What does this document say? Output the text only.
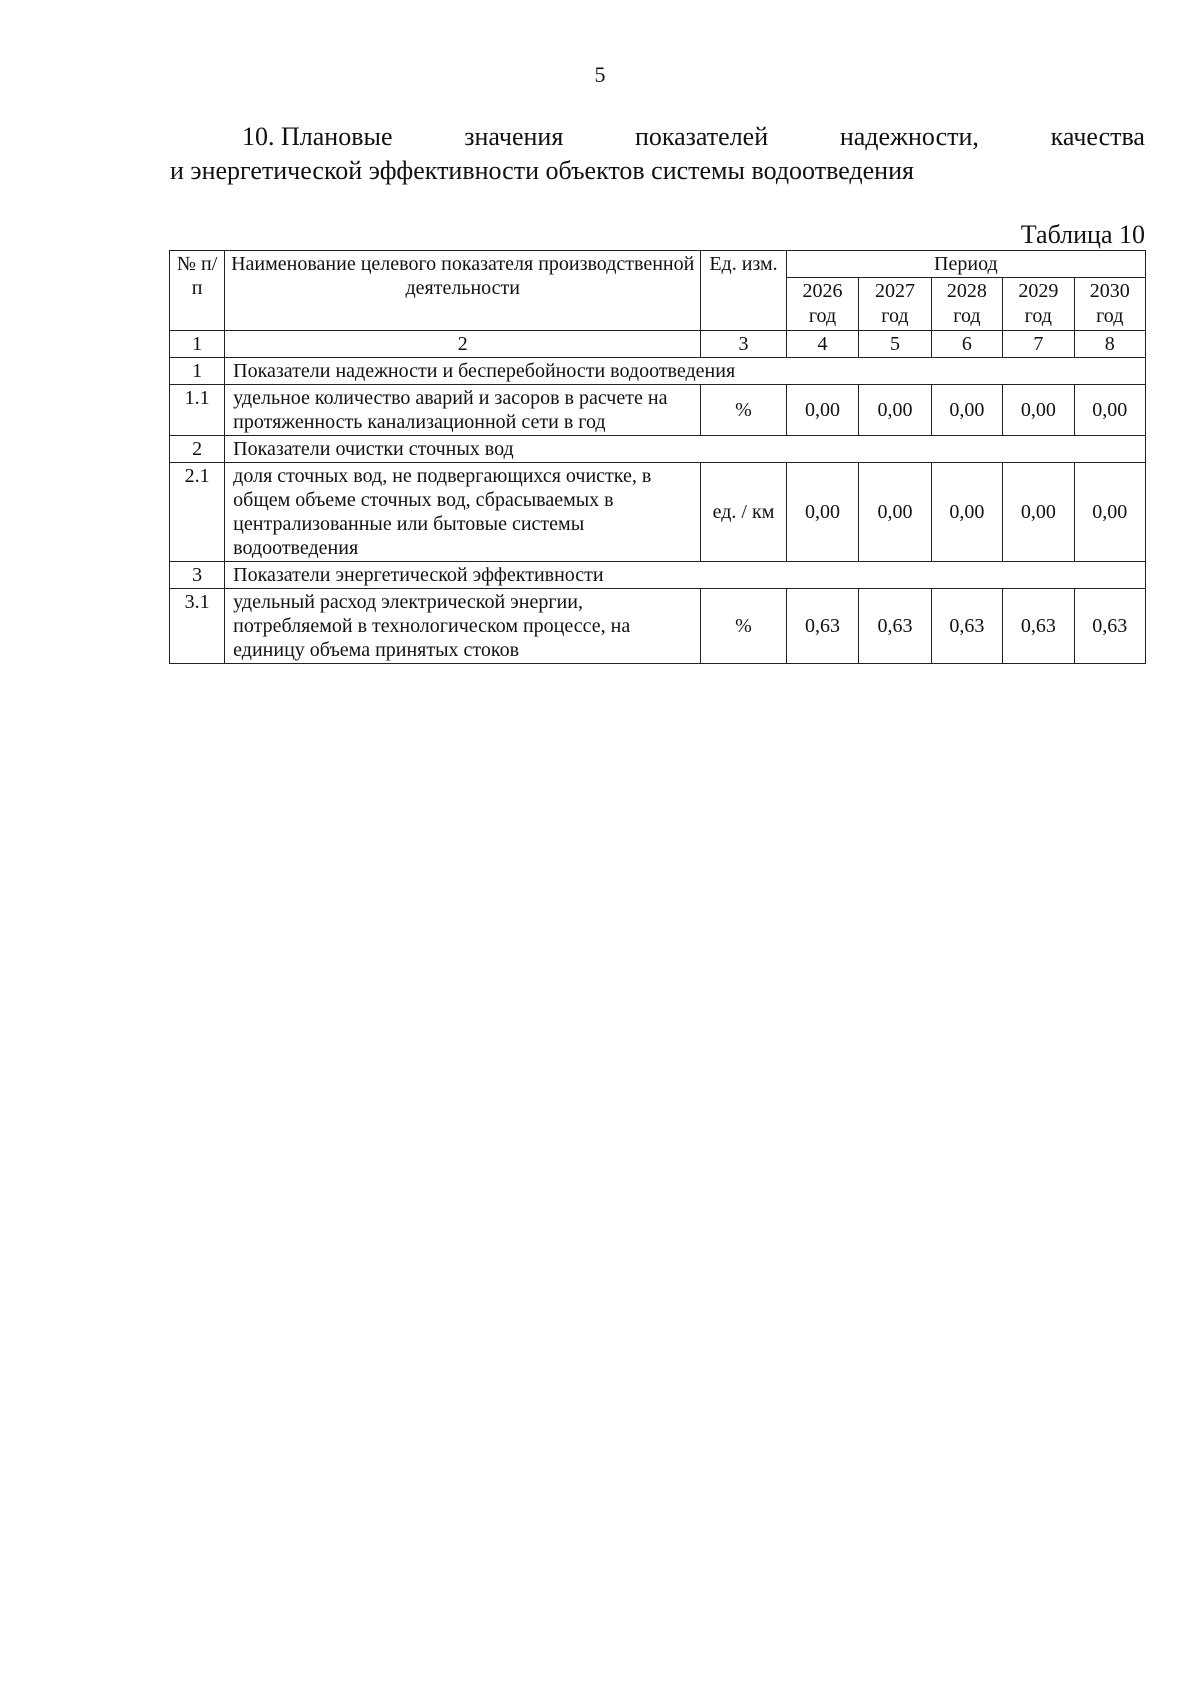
5
10. Плановые	значения	показателей	надежности,	качества
и энергетической эффективности объектов системы водоотведения
Таблица 10
№ п/п	Наименование целевого показателя производственной деятельности	Ед. изм.	Период				
			2026 год	2027 год	2028 год	2029 год	2030 год
1	2	3	4	5	6	7	8
1	Показатели надежности и бесперебойности водоотведения						
1.1	удельное количество аварий и засоров в расчете на протяженность канализационной сети в год	%	0,00	0,00	0,00	0,00	0,00
2	Показатели очистки сточных вод						
2.1	доля сточных вод, не подвергающихся очистке, в общем объеме сточных вод, сбрасываемых в централизованные или бытовые системы водоотведения	ед. / км	0,00	0,00	0,00	0,00	0,00
3	Показатели энергетической эффективности						
3.1	удельный расход электрической энергии, потребляемой в технологическом процессе, на единицу объема принятых стоков	%	0,63	0,63	0,63	0,63	0,63
